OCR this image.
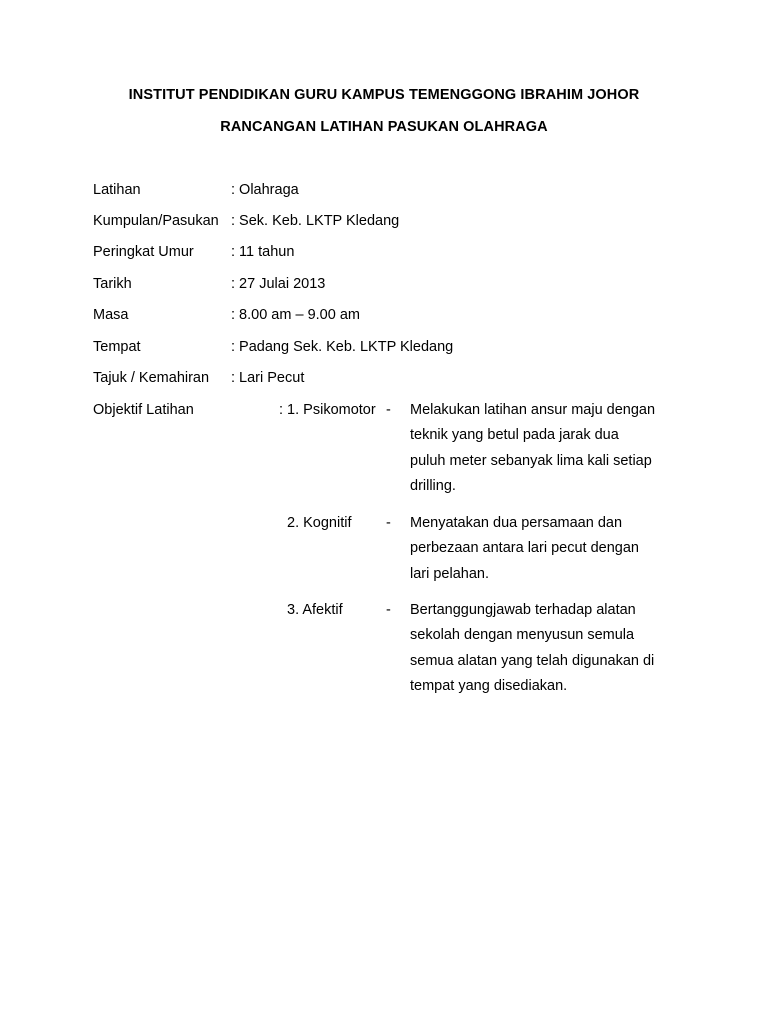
INSTITUT PENDIDIKAN GURU KAMPUS TEMENGGONG IBRAHIM JOHOR
RANCANGAN LATIHAN PASUKAN OLAHRAGA
Latihan	: Olahraga
Kumpulan/Pasukan : Sek. Keb. LKTP Kledang
Peringkat Umur	: 11 tahun
Tarikh	: 27 Julai 2013
Masa	: 8.00 am – 9.00 am
Tempat	: Padang Sek. Keb. LKTP Kledang
Tajuk / Kemahiran : Lari Pecut
Objektif Latihan	: 1. Psikomotor - Melakukan latihan ansur maju dengan
teknik yang betul pada jarak dua
puluh meter sebanyak lima kali setiap
drilling.
2. Kognitif - Menyatakan dua persamaan dan
perbezaan antara lari pecut dengan
lari pelahan.
3. Afektif	- Bertanggungjawab terhadap alatan
sekolah dengan menyusun semula
semua alatan yang telah digunakan di
tempat yang disediakan.
